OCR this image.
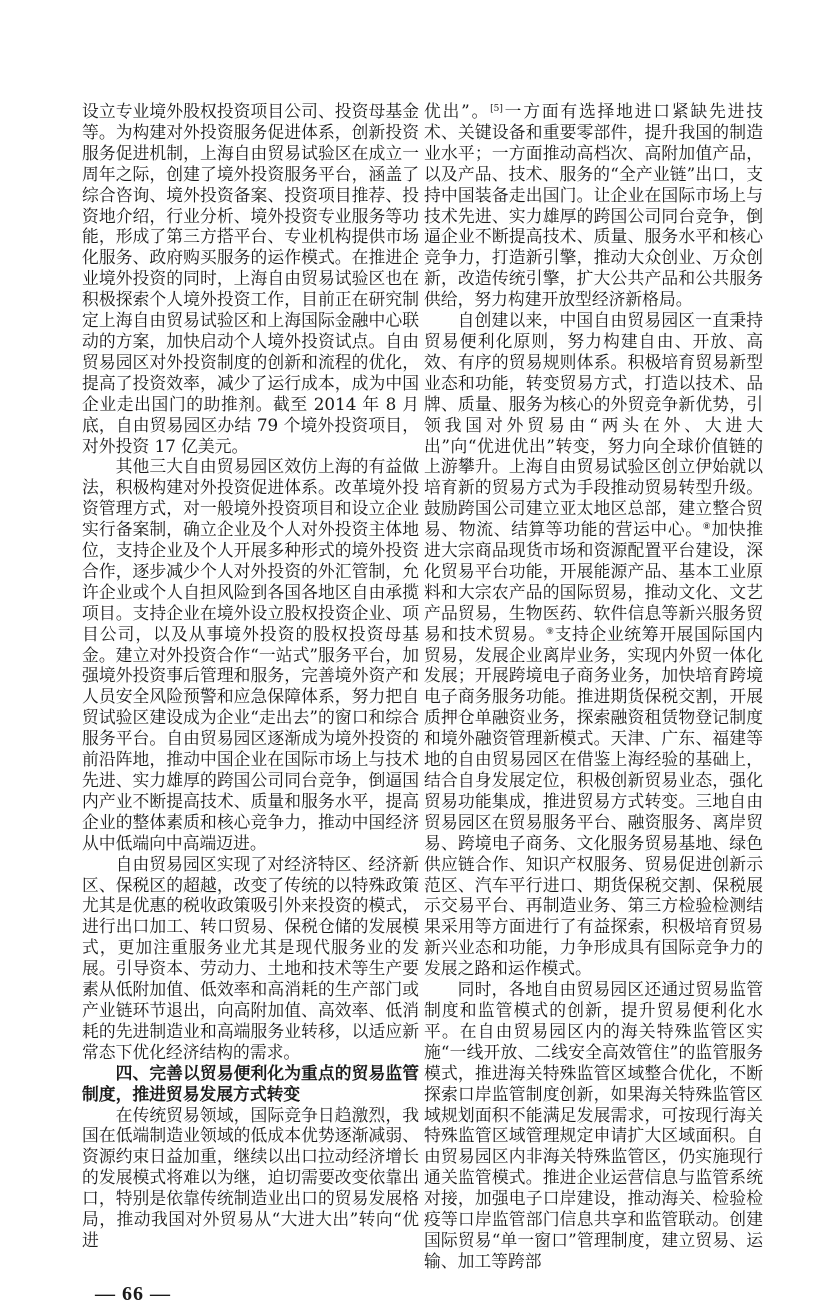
设立专业境外股权投资项目公司、投资母基金等。为构建对外投资服务促进体系，创新投资服务促进机制，上海自由贸易试验区在成立一周年之际，创建了境外投资服务平台，涵盖了综合咨询、境外投资备案、投资项目推荐、投资地介绍，行业分析、境外投资专业服务等功能，形成了第三方搭平台、专业机构提供市场化服务、政府购买服务的运作模式。在推进企业境外投资的同时，上海自由贸易试验区也在积极探索个人境外投资工作，目前正在研究制定上海自由贸易试验区和上海国际金融中心联动的方案，加快启动个人境外投资试点。自由贸易园区对外投资制度的创新和流程的优化，提高了投资效率，减少了运行成本，成为中国企业走出国门的助推剂。截至 2014 年 8 月底，自由贸易园区办结 79 个境外投资项目，对外投资 17 亿美元。

其他三大自由贸易园区效仿上海的有益做法，积极构建对外投资促进体系。改革境外投资管理方式，对一般境外投资项目和设立企业实行备案制，确立企业及个人对外投资主体地位，支持企业及个人开展多种形式的境外投资合作，逐步减少个人对外投资的外汇管制，允许企业或个人自担风险到各国各地区自由承揽项目。支持企业在境外设立股权投资企业、项目公司，以及从事境外投资的股权投资母基金。建立对外投资合作“一站式”服务平台，加强境外投资事后管理和服务，完善境外资产和人员安全风险预警和应急保障体系，努力把自贸试验区建设成为企业“走出去”的窗口和综合服务平台。自由贸易园区逐渐成为境外投资的前沿阵地，推动中国企业在国际市场上与技术先进、实力雄厚的跨国公司同台竞争，倒逼国内产业不断提高技术、质量和服务水平，提高企业的整体素质和核心竞争力，推动中国经济从中低端向中高端迈进。

自由贸易园区实现了对经济特区、经济新区、保税区的超越，改变了传统的以特殊政策尤其是优惠的税收政策吸引外来投资的模式，进行出口加工、转口贸易、保税仓储的发展模式，更加注重服务业尤其是现代服务业的发展。引导资本、劳动力、土地和技术等生产要素从低附加值、低效率和高消耗的生产部门或产业链环节退出，向高附加值、高效率、低消耗的先进制造业和高端服务业转移，以适应新常态下优化经济结构的需求。

四、完善以贸易便利化为重点的贸易监管制度，推进贸易发展方式转变

在传统贸易领域，国际竞争日趋激烈，我国在低端制造业领域的低成本优势逐渐减弱、资源约束日益加重，继续以出口拉动经济增长的发展模式将难以为继，迫切需要改变依靠出口，特别是依靠传统制造业出口的贸易发展格局，推动我国对外贸易从“大进大出”转向“优进

优出”。[5]一方面有选择地进口紧缺先进技术、关键设备和重要零部件，提升我国的制造业水平；一方面推动高档次、高附加值产品，以及产品、技术、服务的“全产业链”出口，支持中国装备走出国门。让企业在国际市场上与技术先进、实力雄厚的跨国公司同台竞争，倒逼企业不断提高技术、质量、服务水平和核心竞争力，打造新引擎，推动大众创业、万众创新，改造传统引擎，扩大公共产品和公共服务供给，努力构建开放型经济新格局。

自创建以来，中国自由贸易园区一直秉持贸易便利化原则，努力构建自由、开放、高效、有序的贸易规则体系。积极培育贸易新型业态和功能，转变贸易方式，打造以技术、品牌、质量、服务为核心的外贸竞争新优势，引领我国对外贸易由“两头在外、大进大出”向“优进优出”转变，努力向全球价值链的上游攀升。上海自由贸易试验区创立伊始就以培育新的贸易方式为手段推动贸易转型升级。鼓励跨国公司建立亚太地区总部，建立整合贸易、物流、结算等功能的营运中心。⑧加快推进大宗商品现货市场和资源配置平台建设，深化贸易平台功能，开展能源产品、基本工业原料和大宗农产品的国际贸易，推动文化、文艺产品贸易，生物医药、软件信息等新兴服务贸易和技术贸易。⑨支持企业统筹开展国际国内贸易，发展企业离岸业务，实现内外贸一体化发展；开展跨境电子商务业务，加快培育跨境电子商务服务功能。推进期货保税交割，开展质押仓单融资业务，探索融资租赁物登记制度和境外融资管理新模式。天津、广东、福建等地的自由贸易园区在借鉴上海经验的基础上，结合自身发展定位，积极创新贸易业态，强化贸易功能集成，推进贸易方式转变。三地自由贸易园区在贸易服务平台、融资服务、离岸贸易、跨境电子商务、文化服务贸易基地、绿色供应链合作、知识产权服务、贸易促进创新示范区、汽车平行进口、期货保税交割、保税展示交易平台、再制造业务、第三方检验检测结果采用等方面进行了有益探索，积极培育贸易新兴业态和功能，力争形成具有国际竞争力的发展之路和运作模式。

同时，各地自由贸易园区还通过贸易监管制度和监管模式的创新，提升贸易便利化水平。在自由贸易园区内的海关特殊监管区实施“一线开放、二线安全高效管住”的监管服务模式，推进海关特殊监管区域整合优化，不断探索口岸监管制度创新，如果海关特殊监管区域规划面积不能满足发展需求，可按现行海关特殊监管区域管理规定申请扩大区域面积。自由贸易园区内非海关特殊监管区，仍实施现行通关监管模式。推进企业运营信息与监管系统对接，加强电子口岸建设，推动海关、检验检疫等口岸监管部门信息共享和监管联动。创建国际贸易“单一窗口”管理制度，建立贸易、运输、加工等跨部

— 66 —
